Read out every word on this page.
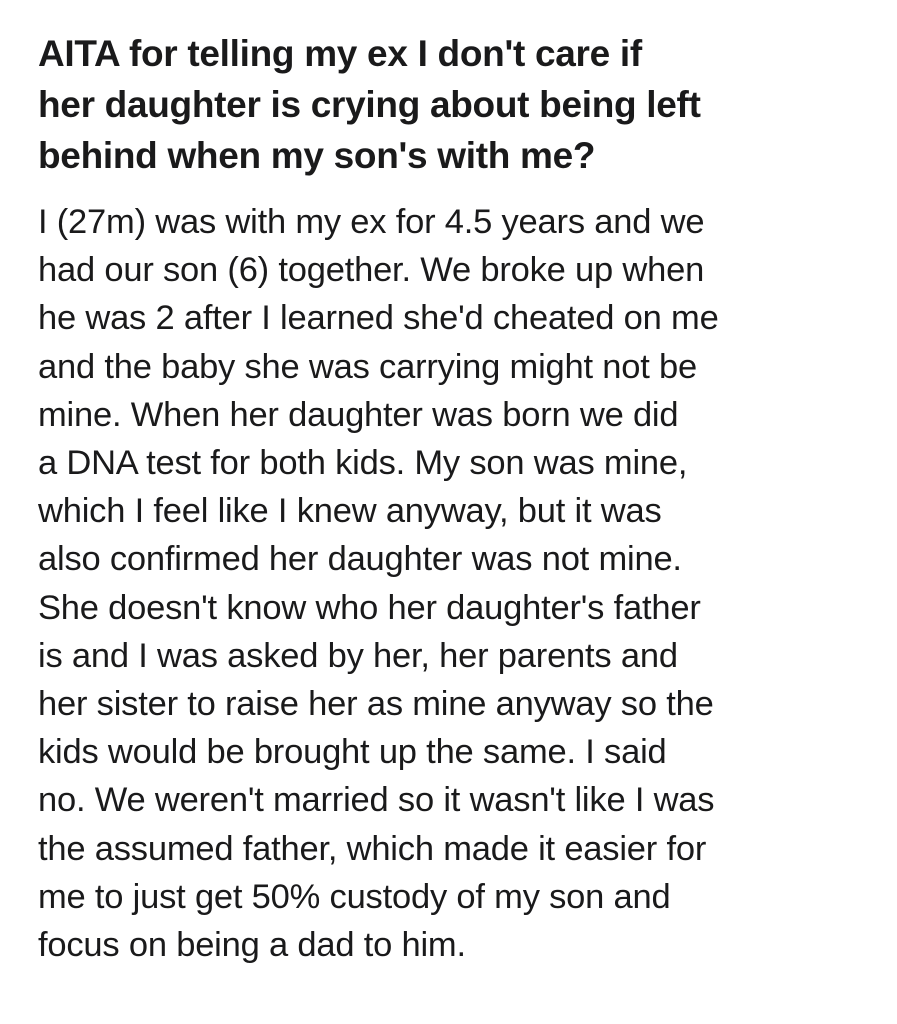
AITA for telling my ex I don't care if
her daughter is crying about being left
behind when my son's with me?
I (27m) was with my ex for 4.5 years and we
had our son (6) together. We broke up when
he was 2 after I learned she'd cheated on me
and the baby she was carrying might not be
mine. When her daughter was born we did
a DNA test for both kids. My son was mine,
which I feel like I knew anyway, but it was
also confirmed her daughter was not mine.
She doesn't know who her daughter's father
is and I was asked by her, her parents and
her sister to raise her as mine anyway so the
kids would be brought up the same. I said
no. We weren't married so it wasn't like I was
the assumed father, which made it easier for
me to just get 50% custody of my son and
focus on being a dad to him.
